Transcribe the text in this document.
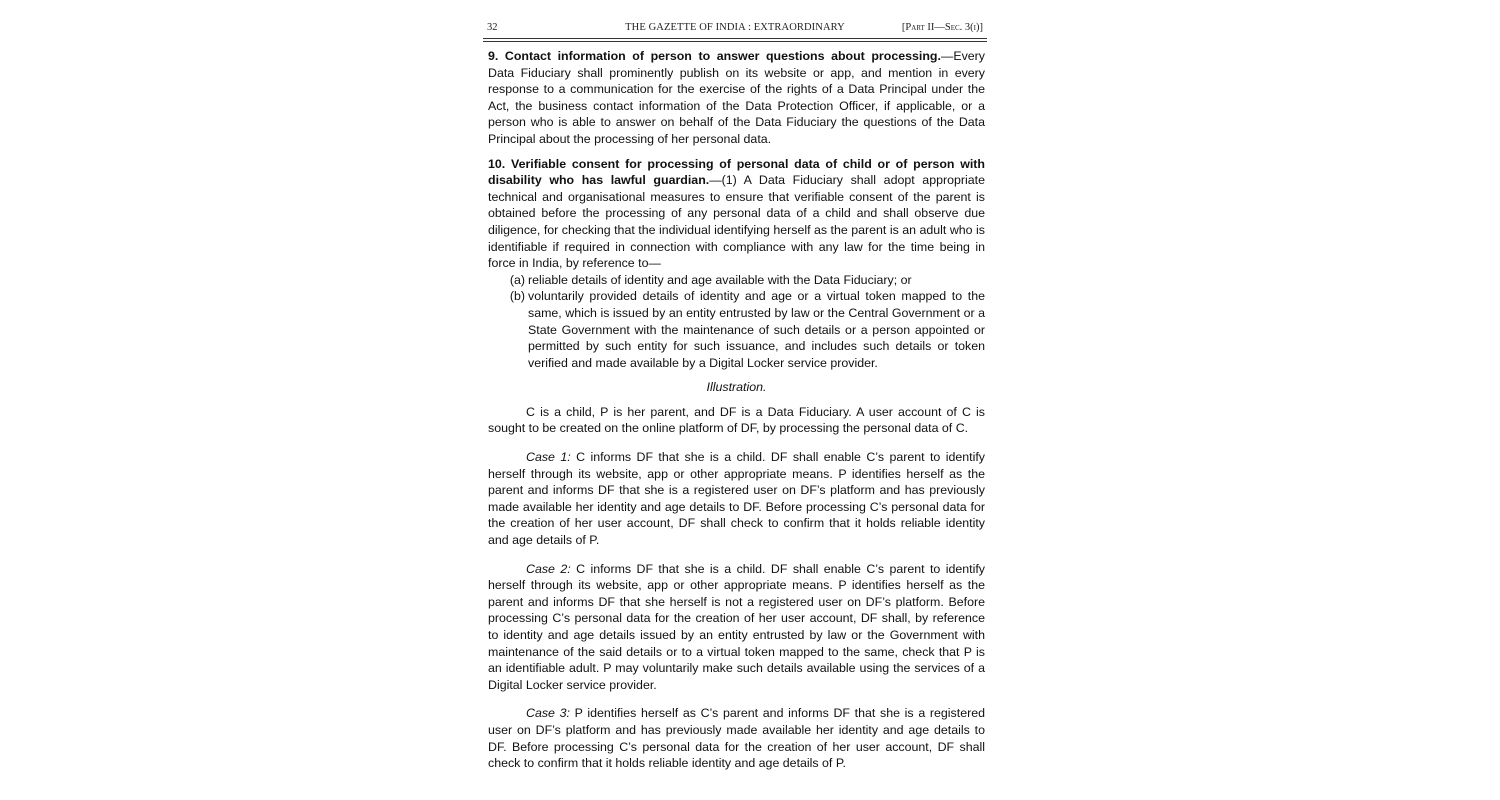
32	THE GAZETTE OF INDIA : EXTRAORDINARY	[Part II—Sec. 3(i)]

9. Contact information of person to answer questions about processing.—Every Data Fiduciary shall prominently publish on its website or app, and mention in every response to a communication for the exercise of the rights of a Data Principal under the Act, the business contact information of the Data Protection Officer, if applicable, or a person who is able to answer on behalf of the Data Fiduciary the questions of the Data Principal about the processing of her personal data.

10. Verifiable consent for processing of personal data of child or of person with disability who has lawful guardian.—(1) A Data Fiduciary shall adopt appropriate technical and organisational measures to ensure that verifiable consent of the parent is obtained before the processing of any personal data of a child and shall observe due diligence, for checking that the individual identifying herself as the parent is an adult who is identifiable if required in connection with compliance with any law for the time being in force in India, by reference to—

(a) reliable details of identity and age available with the Data Fiduciary; or
(b) voluntarily provided details of identity and age or a virtual token mapped to the same, which is issued by an entity entrusted by law or the Central Government or a State Government with the maintenance of such details or a person appointed or permitted by such entity for such issuance, and includes such details or token verified and made available by a Digital Locker service provider.

Illustration.

C is a child, P is her parent, and DF is a Data Fiduciary. A user account of C is sought to be created on the online platform of DF, by processing the personal data of C.

Case 1: C informs DF that she is a child. DF shall enable C’s parent to identify herself through its website, app or other appropriate means. P identifies herself as the parent and informs DF that she is a registered user on DF’s platform and has previously made available her identity and age details to DF. Before processing C’s personal data for the creation of her user account, DF shall check to confirm that it holds reliable identity and age details of P.

Case 2: C informs DF that she is a child. DF shall enable C’s parent to identify herself through its website, app or other appropriate means. P identifies herself as the parent and informs DF that she herself is not a registered user on DF’s platform. Before processing C’s personal data for the creation of her user account, DF shall, by reference to identity and age details issued by an entity entrusted by law or the Government with maintenance of the said details or to a virtual token mapped to the same, check that P is an identifiable adult. P may voluntarily make such details available using the services of a Digital Locker service provider.

Case 3: P identifies herself as C’s parent and informs DF that she is a registered user on DF’s platform and has previously made available her identity and age details to DF. Before processing C’s personal data for the creation of her user account, DF shall check to confirm that it holds reliable identity and age details of P.
